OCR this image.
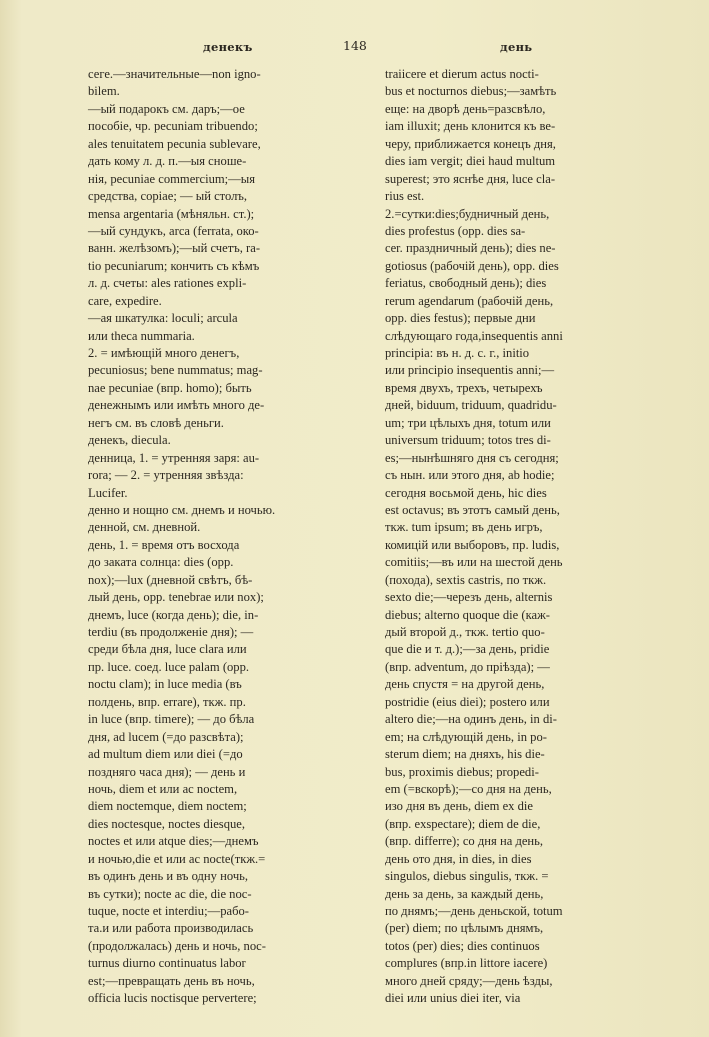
денекъ	148	день
сеге.—значительные—non igno-
bilem.
—ый подарокъ см. даръ;—ое
пособіе, чр. pecuniam tribuendo;
ales tenuitatem pecunia sublevare,
дать кому л. д. п.—ыя сноше-
нія, pecuniae commercium;—ыя
средства, copiae; — ый столъ,
mensa argentaria (мѣняльн. ст.);
—ый сундукъ, arca (ferrata, око-
ванн. желѣзомъ);—ый счетъ, ra-
tio pecuniarum; кончить съ кѣмъ
л. д. счеты: ales rationes expli-
care, expedire.
—ая шкатулка: loculi; arcula
или theca nummaria.
2. = имѣющій много денегъ,
pecuniosus; bene nummatus; mag-
nae pecuniae (впр. homo); быть
денежнымъ или имѣть много де-
негъ см. въ словѣ деньги.
денекъ, diecula.
денница, 1. = утренняя заря: au-
rora; — 2. = утренняя звѣзда:
Lucifer.
денно и нощно см. днемъ и ночью.
денной, см. дневной.
день, 1. = время отъ восхода
до заката солнца: dies (opp.
nox);—lux (дневной свѣтъ, бѣ-
лый день, opp. tenebrae или nox);
днемъ, luce (когда день); die, in-
terdiu (въ продолженіе дня); —
среди бѣла дня, luce clara или
пр. luce. соед. luce palam (opp.
noctu clam); in luce media (въ
полдень, впр. errare), ткж. пр.
in luce (впр. timere); — до бѣла
дня, ad lucem (=до разсвѣта);
ad multum diem или diei (=до
поздняго часа дня); — день и
ночь, diem et или ac noctem,
diem noctemque, diem noctem;
dies noctesque, noctes diesque,
noctes et или atque dies;—днемъ
и ночью,die et или ac nocte(ткж.=
въ одинъ день и въ одну ночь,
въ сутки); nocte ac die, die noc-
tuque, nocte et interdiu;—рабо-
та.и или работа производилась
(продолжалась) день и ночь, noc-
turnus diurno continuatus labor
est;—превращать день въ ночь,
officia lucis noctisque pervertere;
traiicere et dierum actus nocti-
bus et nocturnos diebus;—замѣть
еще: на дворѣ день=разсвѣло,
iam illuxit; день клонится къ ве-
черу, приближается конецъ дня,
dies iam vergit; diei haud multum
superest; это яснѣе дня, luce cla-
rius est.
2.=сутки:dies;будничный день,
dies profestus (opp. dies sa-
cer. праздничный день); dies ne-
gotiosus (рабочій день), opp. dies
feriatus, свободный день); dies
rerum agendarum (рабочій день,
opp. dies festus); первые дни
слѣдующаго года,insequentis anni
principia: въ н. д. с. г., initio
или principio insequentis anni;—
время двухъ, трехъ, четырехъ
дней, biduum, triduum, quadridu-
um; три цѣлыхъ дня, totum или
universum triduum; totos tres di-
es;—нынѣшняго дня съ сегодня;
съ нын. или этого дня, ab hodie;
сегодня восьмой день, hic dies
est octavus; въ этотъ самый день,
ткж. tum ipsum; въ день игръ,
комицій или выборовъ, пр. ludis,
comitiis;—въ или на шестой день
(похода), sextis castris, по ткж.
sexto die;—черезъ день, alternis
diebus; alterno quoque die (каж-
дый второй д., ткж. tertio quo-
que die и т. д.);—за день, pridie
(впр. adventum, до пріѣзда); —
день спустя = на другой день,
postridie (eius diei); postero или
altero die;—на одинъ день, in di-
em; на слѣдующій день, in po-
sterum diem; на дняхъ, his die-
bus, proximis diebus; propedi-
em (=вскорѣ);—со дня на день,
изо дня въ день, diem ex die
(впр. exspectare); diem de die,
(впр. differre); со дня на день,
день ото дня, in dies, in dies
singulos, diebus singulis, ткж. =
день за день, за каждый день,
по днямъ;—день деньской, totum
(per) diem; по цѣлымъ днямъ,
totos (per) dies; dies continuos
complures (впр.in littore iacere)
много дней сряду;—день ѣзды,
diei или unius diei iter, via
